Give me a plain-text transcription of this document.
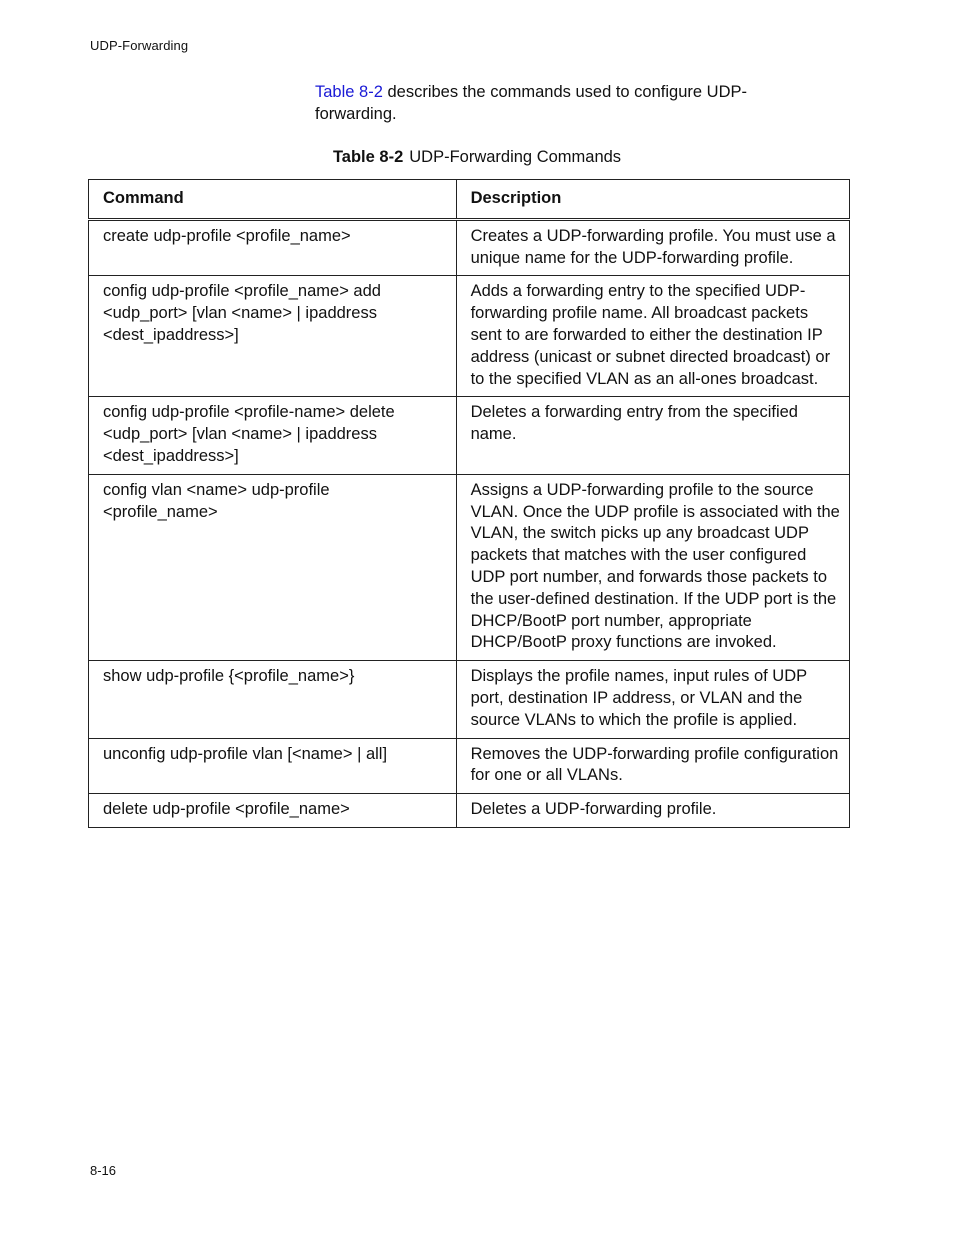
UDP-Forwarding
Table 8-2 describes the commands used to configure UDP-forwarding.
Table 8-2 UDP-Forwarding Commands
Command	Description
create udp-profile <profile_name>	Creates a UDP-forwarding profile. You must use a unique name for the UDP-forwarding profile.
config udp-profile <profile_name> add <udp_port> [vlan <name> | ipaddress <dest_ipaddress>]	Adds a forwarding entry to the specified UDP-forwarding profile name. All broadcast packets sent to are forwarded to either the destination IP address (unicast or subnet directed broadcast) or to the specified VLAN as an all-ones broadcast.
config udp-profile <profile-name> delete <udp_port> [vlan <name> | ipaddress <dest_ipaddress>]	Deletes a forwarding entry from the specified name.
config vlan <name> udp-profile <profile_name>	Assigns a UDP-forwarding profile to the source VLAN. Once the UDP profile is associated with the VLAN, the switch picks up any broadcast UDP packets that matches with the user configured UDP port number, and forwards those packets to the user-defined destination. If the UDP port is the DHCP/BootP port number, appropriate DHCP/BootP proxy functions are invoked.
show udp-profile {<profile_name>}	Displays the profile names, input rules of UDP port, destination IP address, or VLAN and the source VLANs to which the profile is applied.
unconfig udp-profile vlan [<name> | all]	Removes the UDP-forwarding profile configuration for one or all VLANs.
delete udp-profile <profile_name>	Deletes a UDP-forwarding profile.
8-16
